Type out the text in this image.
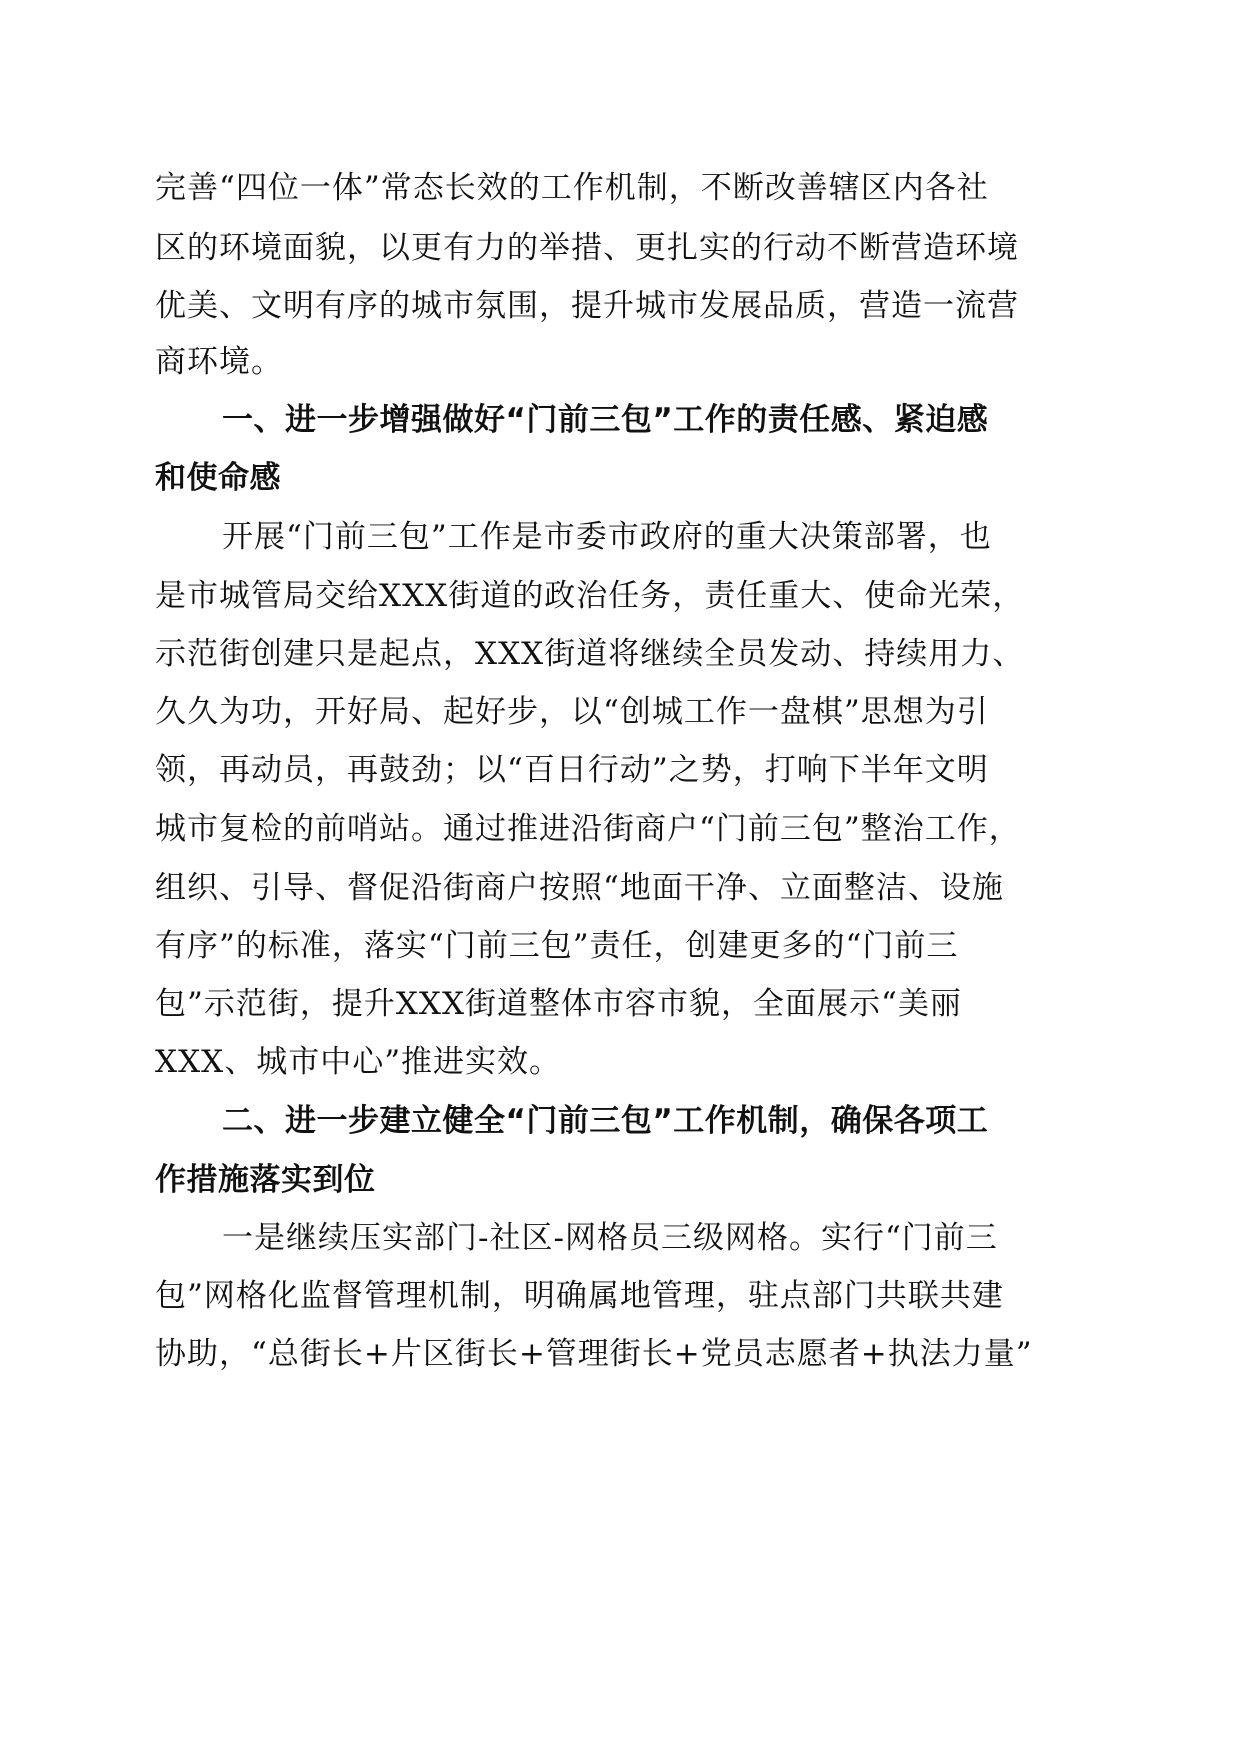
完善“四位一体”常态长效的工作机制，不断改善辖区内各社
区的环境面貌，以更有力的举措、更扎实的行动不断营造环境
优美、文明有序的城市氛围，提升城市发展品质，营造一流营
商环境。
一、进一步增强做好“门前三包”工作的责任感、紧迫感
和使命感
开展“门前三包”工作是市委市政府的重大决策部署，也
是市城管局交给XXX街道的政治任务，责任重大、使命光荣，
示范街创建只是起点，XXX街道将继续全员发动、持续用力、
久久为功，开好局、起好步，以“创城工作一盘棋”思想为引
领，再动员，再鼓劲；以“百日行动”之势，打响下半年文明
城市复检的前哨站。通过推进沿街商户“门前三包”整治工作，
组织、引导、督促沿街商户按照“地面干净、立面整洁、设施
有序”的标准，落实“门前三包”责任，创建更多的“门前三
包”示范街，提升XXX街道整体市容市貌，全面展示“美丽
XXX、城市中心”推进实效。
二、进一步建立健全“门前三包”工作机制，确保各项工
作措施落实到位
一是继续压实部门-社区-网格员三级网格。实行“门前三
包”网格化监督管理机制，明确属地管理，驻点部门共联共建
协助，“总街长+片区街长+管理街长+党员志愿者+执法力量”
